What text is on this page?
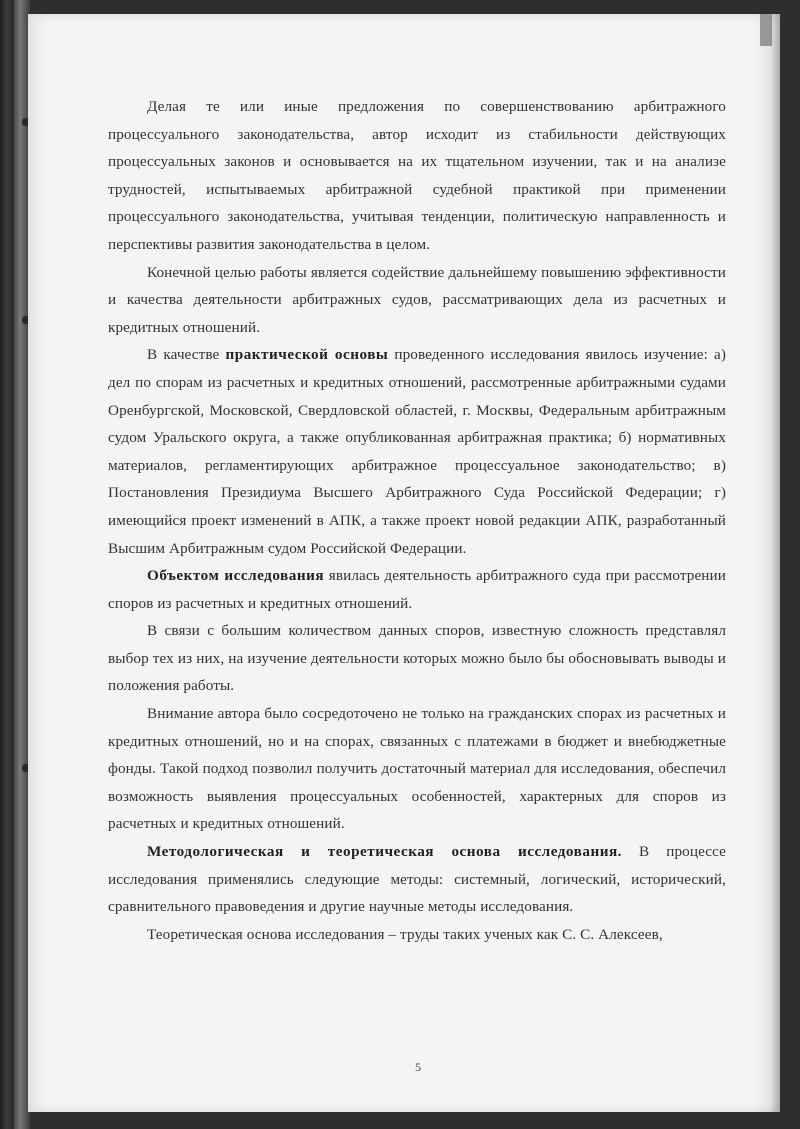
Делая те или иные предложения по совершенствованию арбитражного процессуального законодательства, автор исходит из стабильности действующих процессуальных законов и основывается на их тщательном изучении, так и на анализе трудностей, испытываемых арбитражной судебной практикой при применении процессуального законодательства, учитывая тенденции, политическую направленность и перспективы развития законодательства в целом.

Конечной целью работы является содействие дальнейшему повышению эффективности и качества деятельности арбитражных судов, рассматривающих дела из расчетных и кредитных отношений.

В качестве практической основы проведенного исследования явилось изучение: а) дел по спорам из расчетных и кредитных отношений, рассмотренные арбитражными судами Оренбургской, Московской, Свердловской областей, г. Москвы, Федеральным арбитражным судом Уральского округа, а также опубликованная арбитражная практика; б) нормативных материалов, регламентирующих арбитражное процессуальное законодательство; в) Постановления Президиума Высшего Арбитражного Суда Российской Федерации; г) имеющийся проект изменений в АПК, а также проект новой редакции АПК, разработанный Высшим Арбитражным судом Российской Федерации.

Объектом исследования явилась деятельность арбитражного суда при рассмотрении споров из расчетных и кредитных отношений.

В связи с большим количеством данных споров, известную сложность представлял выбор тех из них, на изучение деятельности которых можно было бы обосновывать выводы и положения работы.

Внимание автора было сосредоточено не только на гражданских спорах из расчетных и кредитных отношений, но и на спорах, связанных с платежами в бюджет и внебюджетные фонды. Такой подход позволил получить достаточный материал для исследования, обеспечил возможность выявления процессуальных особенностей, характерных для споров из расчетных и кредитных отношений.

Методологическая и теоретическая основа исследования. В процессе исследования применялись следующие методы: системный, логический, исторический, сравнительного правоведения и другие научные методы исследования.

Теоретическая основа исследования – труды таких ученых как С. С. Алексеев,

5
